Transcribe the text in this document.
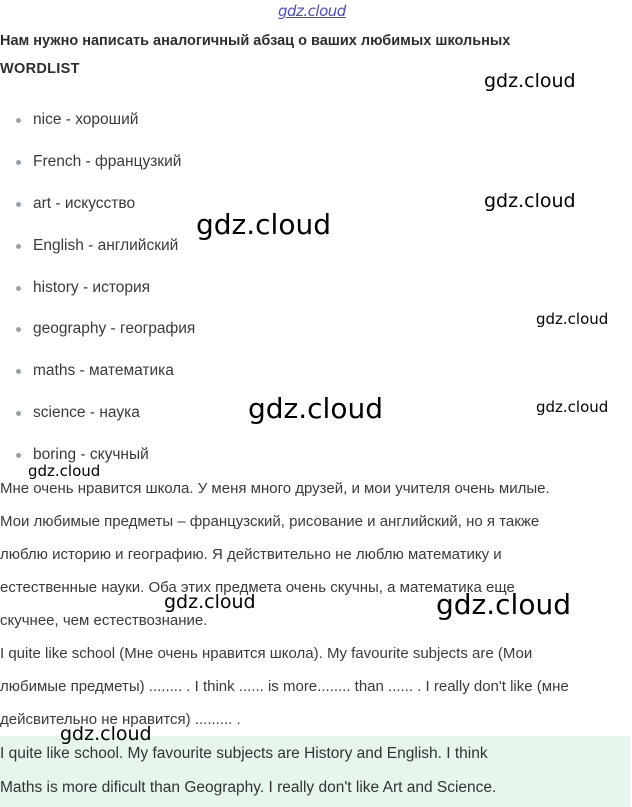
gdz.cloud
Нам нужно написать аналогичный абзац о ваших любимых школьных
WORDLIST
nice - хороший
French - французкий
art - искусство
English - английский
history - история
geography - география
maths - математика
science - наука
boring - скучный
Мне очень нравится школа. У меня много друзей, и мои учителя очень милые.
Мои любимые предметы – французский, рисование и английский, но я также
люблю историю и географию. Я действительно не люблю математику и
естественные науки. Оба этих предмета очень скучны, а математика еще
скучнее, чем естествознание.
I quite like school (Мне очень нравится школа). My favourite subjects are (Мои
любимые предметы) ........ . I think ...... is more........ than ...... . I really don't like (мне
дейсвительно не нравится) ......... .
I quite like school. My favourite subjects are History and English. I think
Maths is more dificult than Geography. I really don't like Art and Science.
gdz.cloud
gdz.cloud
gdz.cloud
gdz.cloud
gdz.cloud	gdz.cloud
gdz.cloud
gdz.cloud	gdz.cloud
gdz.cloud
